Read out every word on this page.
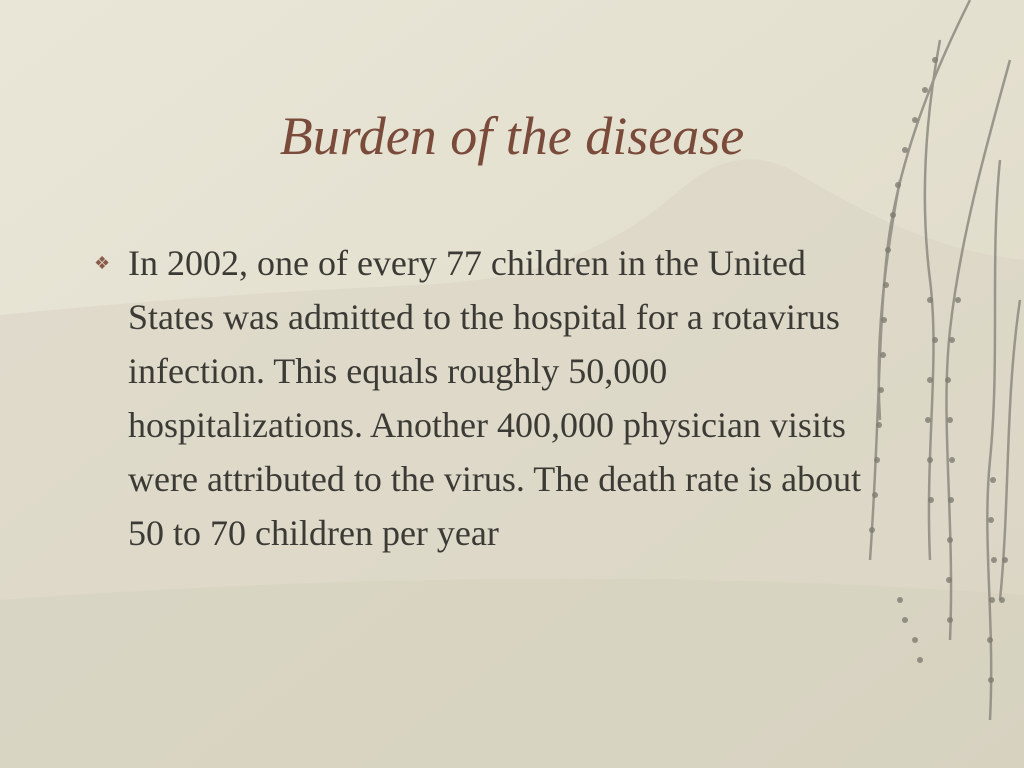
Burden of the disease
❖ In 2002, one of every 77 children in the United States was admitted to the hospital for a rotavirus infection. This equals roughly 50,000 hospitalizations. Another 400,000 physician visits were attributed to the virus. The death rate is about 50 to 70 children per year
